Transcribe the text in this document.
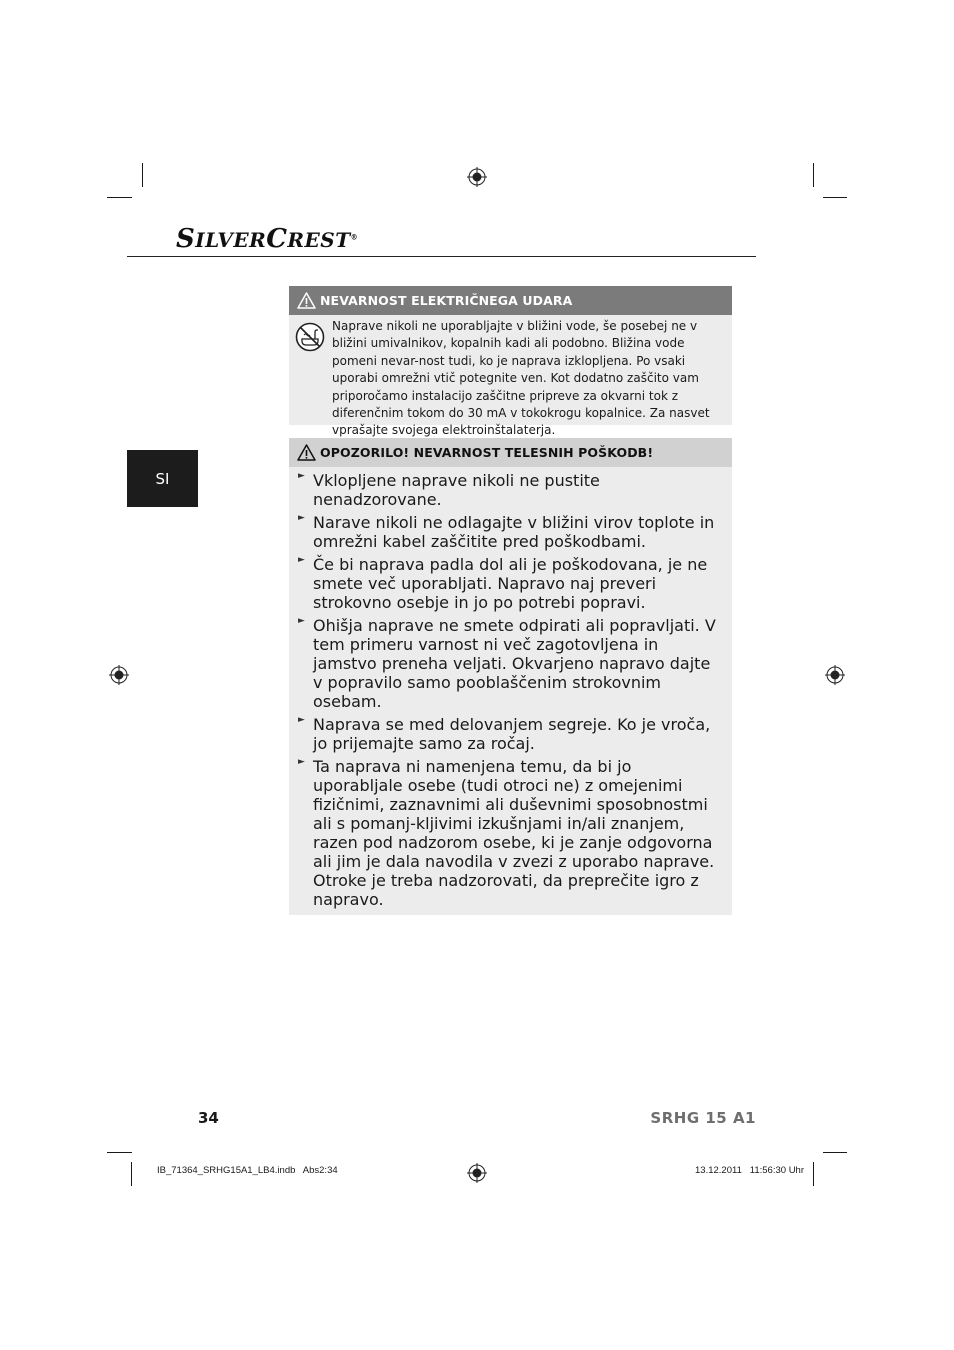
SILVERCREST®
SI
NEVARNOST ELEKTRIČNEGA UDARA

Naprave nikoli ne uporabljajte v bližini vode, še posebej ne v bližini umivalnikov, kopalnih kadi ali podobno. Bližina vode pomeni nevar-nost tudi, ko je naprava izklopljena. Po vsaki uporabi omrežni vtič potegnite ven. Kot dodatno zaščito vam priporočamo instalacijo zaščitne pripreve za okvarni tok z diferenčnim tokom do 30 mA v tokokrogu kopalnice. Za nasvet vprašajte svojega elektroinštalaterja.

OPOZORILO! NEVARNOST TELESNIH POŠKODB!
► Vklopljene naprave nikoli ne pustite nenadzorovane.
► Narave nikoli ne odlagajte v bližini virov toplote in omrežni kabel zaščitite pred poškodbami.
► Če bi naprava padla dol ali je poškodovana, je ne smete več uporabljati. Napravo naj preveri strokovno osebje in jo po potrebi popravi.
► Ohišja naprave ne smete odpirati ali popravljati. V tem primeru varnost ni več zagotovljena in jamstvo preneha veljati. Okvarjeno napravo dajte v popravilo samo pooblaščenim strokovnim osebam.
► Naprava se med delovanjem segreje. Ko je vroča, jo prijemajte samo za ročaj.
► Ta naprava ni namenjena temu, da bi jo uporabljale osebe (tudi otroci ne) z omejenimi fizičnimi, zaznavnimi ali duševnimi sposobnostmi ali s pomanj-kljivimi izkušnjami in/ali znanjem, razen pod nadzorom osebe, ki je zanje odgovorna ali jim je dala navodila v zvezi z uporabo naprave. Otroke je treba nadzorovati, da preprečite igro z napravo.
34	SRHG 15 A1
IB_71364_SRHG15A1_LB4.indb   Abs2:34	13.12.2011   11:56:30 Uhr
